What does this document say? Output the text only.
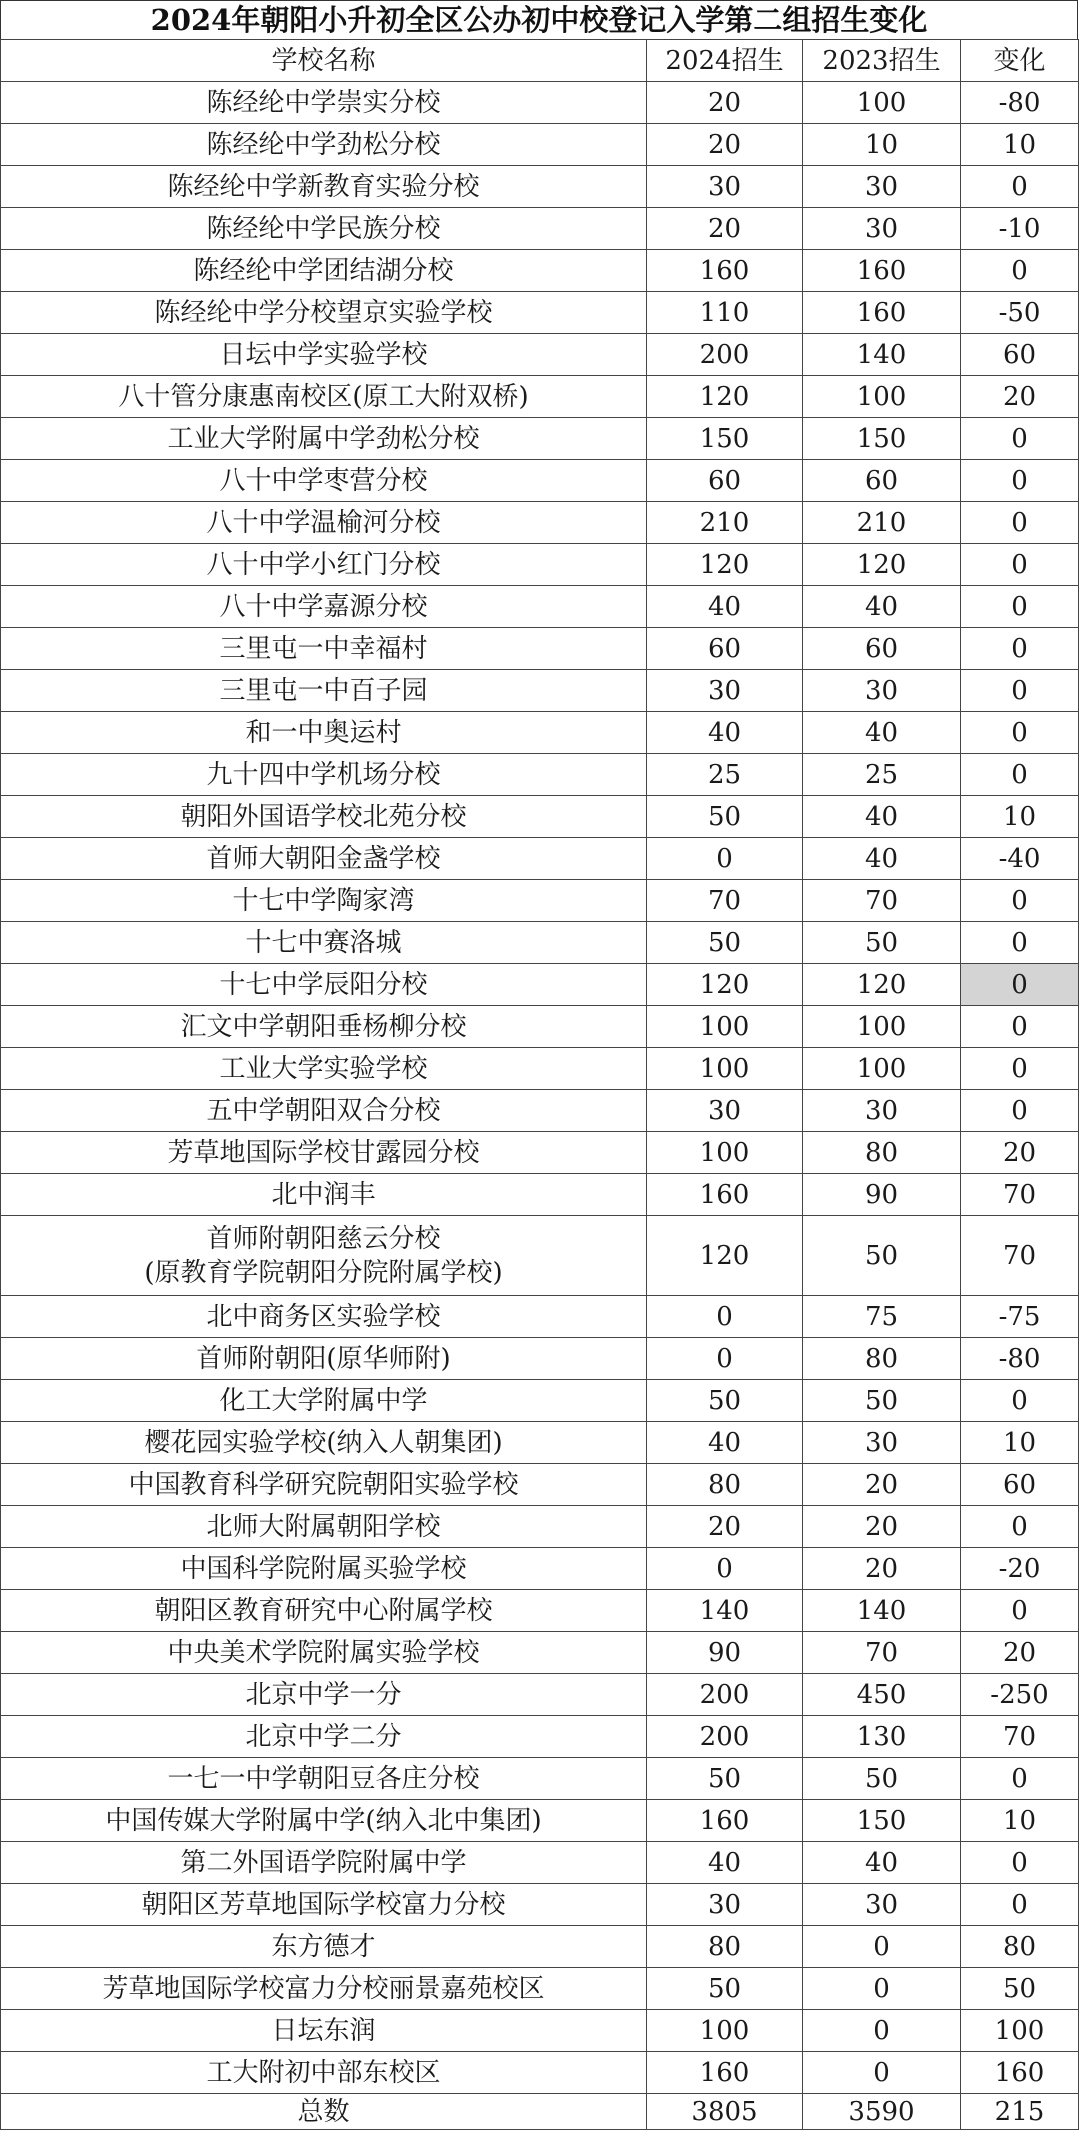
2024年朝阳小升初全区公办初中校登记入学第二组招生变化
学校名称	2024招生	2023招生	变化
陈经纶中学崇实分校	20	100	-80
陈经纶中学劲松分校	20	10	10
陈经纶中学新教育实验分校	30	30	0
陈经纶中学民族分校	20	30	-10
陈经纶中学团结湖分校	160	160	0
陈经纶中学分校望京实验学校	110	160	-50
日坛中学实验学校	200	140	60
八十管分康惠南校区(原工大附双桥)	120	100	20
工业大学附属中学劲松分校	150	150	0
八十中学枣营分校	60	60	0
八十中学温榆河分校	210	210	0
八十中学小红门分校	120	120	0
八十中学嘉源分校	40	40	0
三里屯一中幸福村	60	60	0
三里屯一中百子园	30	30	0
和一中奥运村	40	40	0
九十四中学机场分校	25	25	0
朝阳外国语学校北苑分校	50	40	10
首师大朝阳金盏学校	0	40	-40
十七中学陶家湾	70	70	0
十七中赛洛城	50	50	0
十七中学辰阳分校	120	120	0
汇文中学朝阳垂杨柳分校	100	100	0
工业大学实验学校	100	100	0
五中学朝阳双合分校	30	30	0
芳草地国际学校甘露园分校	100	80	20
北中润丰	160	90	70

首师附朝阳慈云分校
(原教育学院朝阳分院附属学校)	120	50	70
北中商务区实验学校	0	75	-75
首师附朝阳(原华师附)	0	80	-80
化工大学附属中学	50	50	0
樱花园实验学校(纳入人朝集团)	40	30	10
中国教育科学研究院朝阳实验学校	80	20	60
北师大附属朝阳学校	20	20	0
中国科学院附属买验学校	0	20	-20
朝阳区教育研究中心附属学校	140	140	0
中央美术学院附属实验学校	90	70	20
北京中学一分	200	450	-250
北京中学二分	200	130	70
一七一中学朝阳豆各庄分校	50	50	0
中国传媒大学附属中学(纳入北中集团)	160	150	10
第二外国语学院附属中学	40	40	0
朝阳区芳草地国际学校富力分校	30	30	0
东方德才	80	0	80
芳草地国际学校富力分校丽景嘉苑校区	50	0	50
日坛东润	100	0	100
工大附初中部东校区	160	0	160
总数	3805	3590	215
